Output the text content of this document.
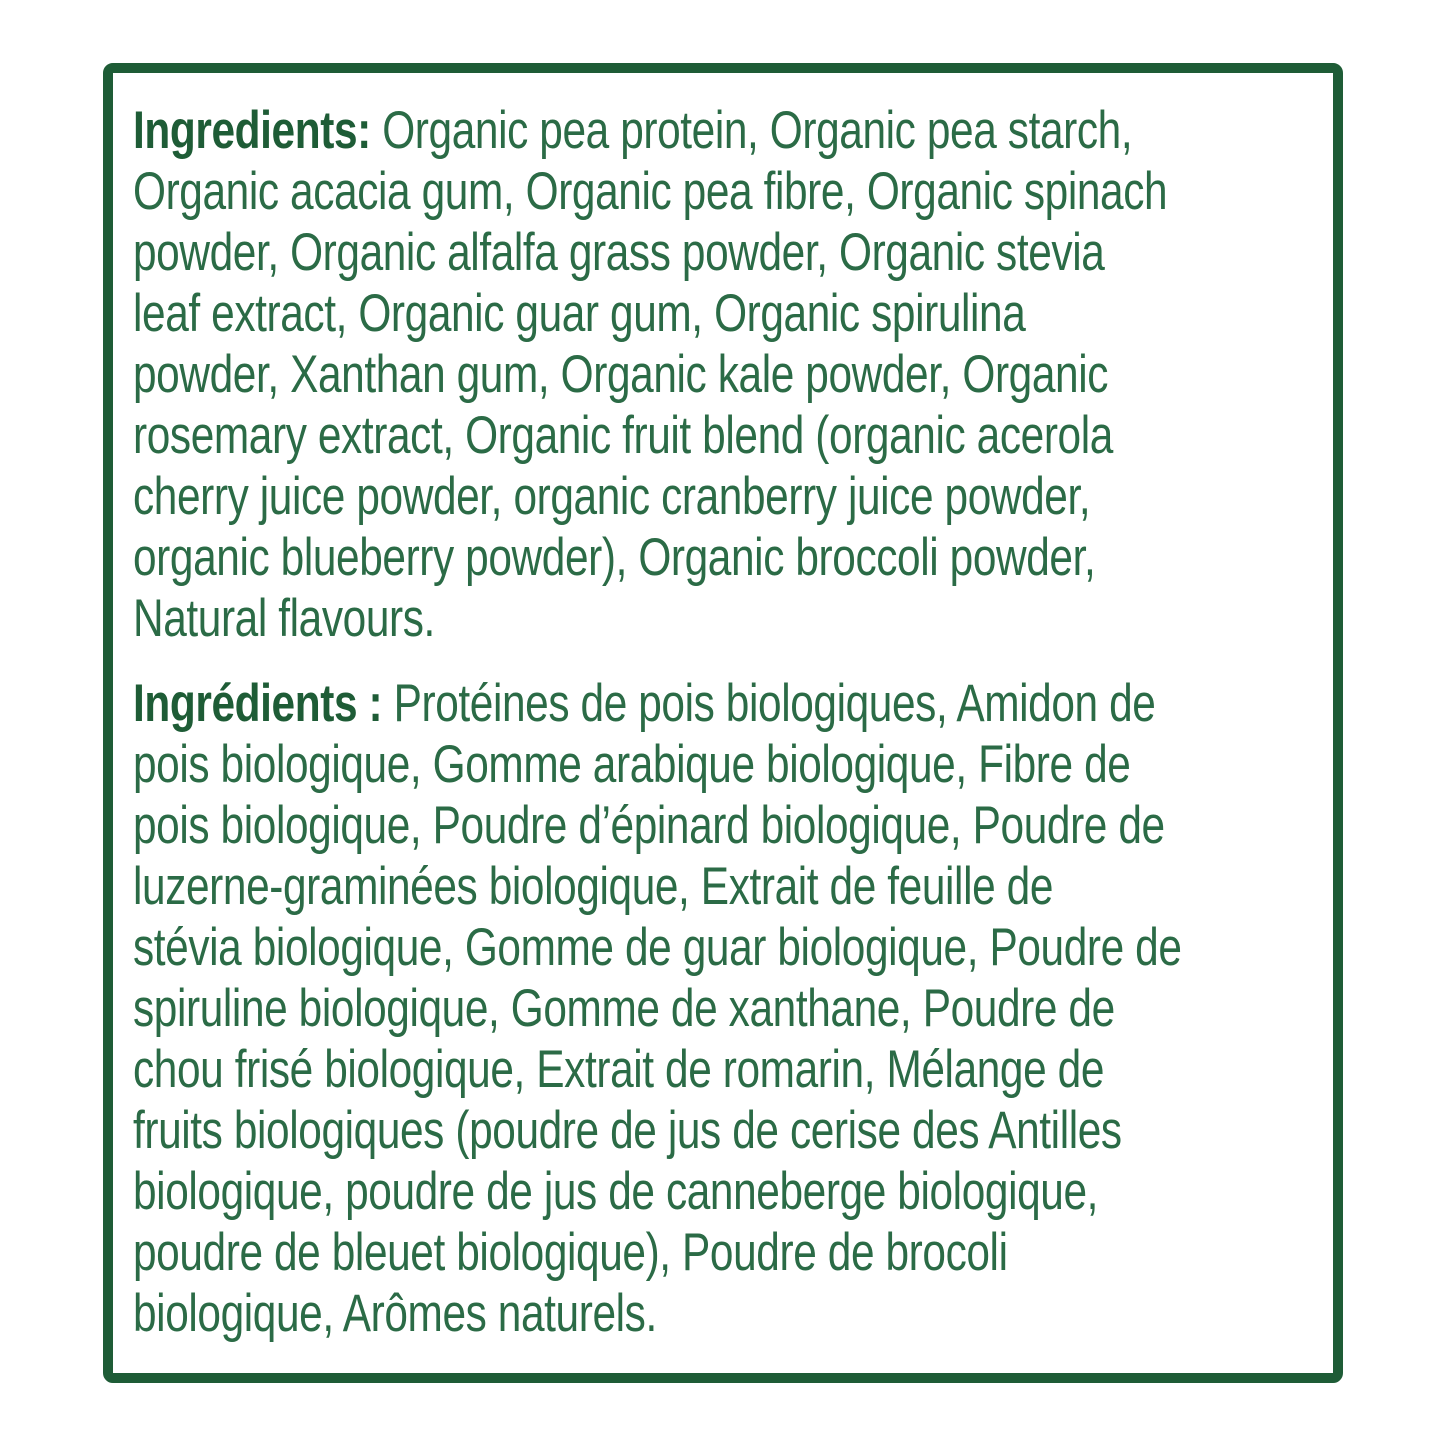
Ingredients: Organic pea protein, Organic pea starch,
Organic acacia gum, Organic pea fibre, Organic spinach
powder, Organic alfalfa grass powder, Organic stevia
leaf extract, Organic guar gum, Organic spirulina
powder, Xanthan gum, Organic kale powder, Organic
rosemary extract, Organic fruit blend (organic acerola
cherry juice powder, organic cranberry juice powder,
organic blueberry powder), Organic broccoli powder,
Natural flavours.
Ingrédients : Protéines de pois biologiques, Amidon de
pois biologique, Gomme arabique biologique, Fibre de
pois biologique, Poudre d’épinard biologique, Poudre de
luzerne-graminées biologique, Extrait de feuille de
stévia biologique, Gomme de guar biologique, Poudre de
spiruline biologique, Gomme de xanthane, Poudre de
chou frisé biologique, Extrait de romarin, Mélange de
fruits biologiques (poudre de jus de cerise des Antilles
biologique, poudre de jus de canneberge biologique,
poudre de bleuet biologique), Poudre de brocoli
biologique, Arômes naturels.
